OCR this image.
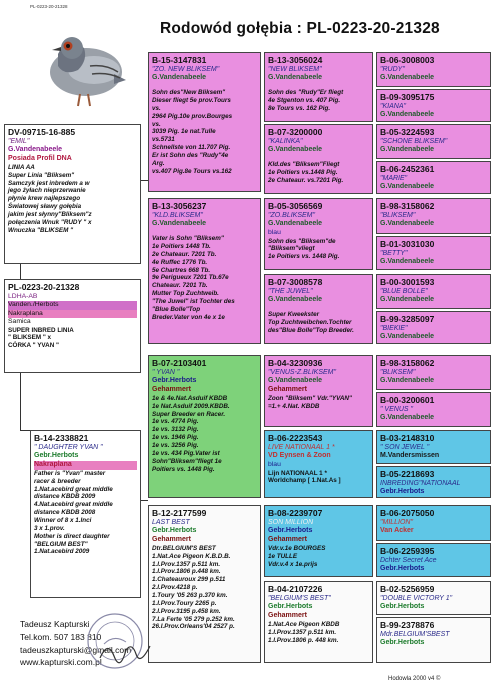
PL-0223-20-21328
Rodowód gołębia : PL-0223-20-21328
PL-0223-20-21328
LDHA-AB
Vanden./Herbots
Nakraplana
Samica
SUPER INBRED LINIA
" BLIKSEM " x
CÓRKA " YVAN "
DV-09715-16-885
"EMIL"
G.Vandenabeele
Posiada Profil DNA
LINIA AA
Super Linia "Bliksem"
Samczyk jest inbredem a w
jego żyłach nieprzerwanie
płynie krew najlepszego
Światowej sławy gołębia
jakim jest słynny"Bliksem"z
połączenia Wnuk "RUDY " x
Wnuczka "BLIKSEM "
B-14-2338821
" DAUGHTER YVAN "
Gebr.Herbots
Nakraplana
Father is "Yvan" master
racer & breeder
1.Nat.acebird great middle
distance KBDB 2009
4.Nat.acebird great middle
distance KBDB 2008
Winner of 8 x 1.Inci
3 x 1.prov.
Mother is direct daughter
"BELGIUM BEST"
1.Nat.acebird 2009
B-15-3147831
"ZO. NEW BLIKSEM"
G.Vandenabeele
Sohn des"New Bliksem"
Dieser fliegt 5e prov.Tours
vs.
2964 Pig.10e prov.Bourges
vs.
3039 Pig. 1e nat.Tulle
vs.5731
Schnellste von 11.707 Pig.
Er ist Sohn des "Rudy"4e
Arg.
vs.407 Pig.8e Tours vs.162
B-13-3056237
"KLD.BLIKSEM"
G.Vandenabeele
Vater is Sohn "Bliksem"
1e Poitiers 1448 Tb.
2e Chateaur. 7201 Tb.
4e Ruffec 1776 Tb.
5e Chartres 668 Tb.
9e Perigueux 7201 Tb.67e
Chateaur. 7201 Tb.
Mutter Top Zuchtweib.
"The Juwel" ist Tochter des
"Blue Bolle"Top
Breder.Vater von 4e x 1e
B-07-2103401
" YVAN "
Gebr.Herbots
Gehammert
1e & 4e.Nat.Asduif KBDB
1e Nat.Asduif 2009.KBDB.
Super Breeder en Racer.
1e vs. 4774 Pig.
1e vs. 3132 Pig.
1e vs. 1946 Pig.
1e vs. 3256 Pig.
1e vs. 434 Pig.Vater ist
Sohn"Bliksem"fliegt 1e
Poitiers vs. 1448 Pig.
B-12-2177599
LAST BEST
Gebr.Herbots
Gehammert
Dtr.BELGIUM'S BEST
1.Nat.Ace Pigeon K.B.D.B.
1.I.Prov.1357 p.511 km.
1.I.Prov.1806 p.448 km.
1.Chateauroux 299 p.511
2.I.Prov.4218 p.
1.Toury '05 263 p.370 km.
1.I.Prov.Toury 2265 p.
2.I.Prov.3195 p.458 km.
7.La Ferte '05 279 p.252 km.
26.I.Prov.Orleans'04 2527 p.
B-13-3056024
"NEW BLIKSEM"
G.Vandenabeele
Sohn des "Rudy"Er fliegt
4e Stgenton vs. 407 Pig.
8e Tours vs. 162 Pig.
B-07-3200000
"KALINKA"
G.Vandenabeele
Kld.des "Bliksem"Fliegt
1e Poitiers vs.1448 Pig.
2e Chateaur. vs.7201 Pig.
B-05-3056569
"ZO.BLIKSEM"
G.Vandenabeele
blau
Sohn des "Bliksem"de
"Bliksem"vliegt
1e Poitiers vs. 1448 Pig.
B-07-3008578
"THE JUWEL"
G.Vandenabeele
Super Kweekster
Top Zuchtweibchen.Tochter
des"Blue Bolle"Top Breeder.
B-04-3230936
"VENUS-Z.BLIKSEM"
G.Vandenabeele
Gehammert
Zoon "Bliksem" Vdr."YVAN"
=1.+ 4.Nat. KBDB
B-06-2223543
LIVE NATIONAAL 1 *
VD Eynsen & Zoon
blau
Lijn NATIONAAL 1 *
Worldchamp [ 1.Nat.As ]
B-08-2239707
SON MILLION
Gebr.Herbots
Gehammert
Vdr.v.1e BOURGES
1e TULLE
Vdr.v.4 x 1e.prijs
B-04-2107226
"BELGIUM'S BEST"
Gebr.Herbots
Gehammert
1.Nat.Ace Pigeon KBDB
1.I.Prov.1357 p.511 km.
1.I.Prov.1806 p. 448 km.
B-06-3008003
"RUDY"
G.Vandenabeele
B-09-3095175
"KIANA"
G.Vandenabeele
B-05-3224593
"SCHONE BLIKSEM"
G.Vandenabeele
B-06-2452361
"MARIE"
G.Vandenabeele
B-98-3158062
"BLIKSEM"
G.Vandenabeele
B-01-3031030
"BETTY"
G.Vandenabeele
B-00-3001593
"BLUE BOLLE"
G.Vandenabeele
B-99-3285097
"BIEKIE"
G.Vandenabeele
B-98-3158062
"BLIKSEM"
G.Vandenabeele
B-00-3200601
" VENUS "
G.Vandenabeele
B-03-2148310
" SON JEWEL "
M.Vandersmissen
B-05-2218693
INBREDING"NATIONAAL
Gebr.Herbots
B-06-2075050
"MILLION"
Van Acker
B-06-2259395
Dchter Secret Ace
Gebr.Herbots
B-02-5256959
"DOUBLE VICTORY 1"
Gebr.Herbots
B-99-2378876
Mdr.BELGIUM'SBEST
Gebr.Herbots
Tadeusz Kapturski
Tel.kom. 507 183 810
tadeuszkapturski@gmail.com
www.kapturski.com.pl
Hodowla 2000 v4 ©
